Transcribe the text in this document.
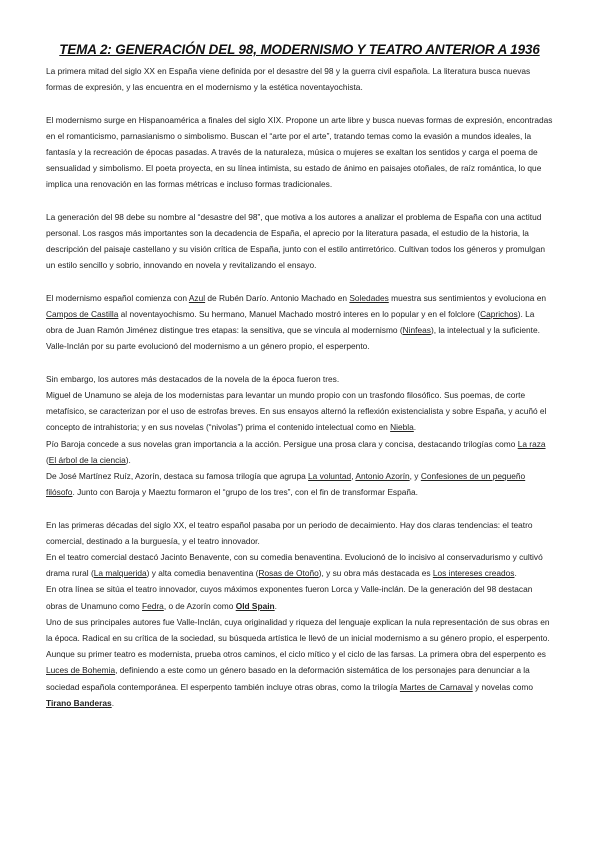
TEMA 2: GENERACIÓN DEL 98, MODERNISMO Y TEATRO ANTERIOR A 1936

La primera mitad del siglo XX en España viene definida por el desastre del 98 y la guerra civil española. La literatura busca nuevas formas de expresión, y las encuentra en el modernismo y la estética noventayochista.

El modernismo surge en Hispanoamérica a finales del siglo XIX. Propone un arte libre y busca nuevas formas de expresión, encontradas en el romanticismo, parnasianismo o simbolismo. Buscan el “arte por el arte”, tratando temas como la evasión a mundos ideales, la fantasía y la recreación de épocas pasadas. A través de la naturaleza, música o mujeres se exaltan los sentidos y carga el poema de sensualidad y simbolismo. El poeta proyecta, en su línea intimista, su estado de ánimo en paisajes otoñales, de raíz romántica, lo que implica una renovación en las formas métricas e incluso formas tradicionales.

La generación del 98 debe su nombre al “desastre del 98”, que motiva a los autores a analizar el problema de España con una actitud personal. Los rasgos más importantes son la decadencia de España, el aprecio por la literatura pasada, el estudio de la historia, la descripción del paisaje castellano y su visión crítica de España, junto con el estilo antirretórico. Cultivan todos los géneros y promulgan un estilo sencillo y sobrio, innovando en novela y revitalizando el ensayo.

El modernismo español comienza con Azul de Rubén Darío. Antonio Machado en Soledades muestra sus sentimientos y evoluciona en Campos de Castilla al noventayochismo. Su hermano, Manuel Machado mostró interes en lo popular y en el folclore (Caprichos). La obra de Juan Ramón Jiménez distingue tres etapas: la sensitiva, que se vincula al modernismo (Ninfeas), la intelectual y la suficiente. Valle-Inclán por su parte evolucionó del modernismo a un género propio, el esperpento.

Sin embargo, los autores más destacados de la novela de la época fueron tres.

Miguel de Unamuno se aleja de los modernistas para levantar un mundo propio con un trasfondo filosófico. Sus poemas, de corte metafísico, se caracterizan por el uso de estrofas breves. En sus ensayos alternó la reflexión existencialista y sobre España, y acuñó el concepto de intrahistoria; y en sus novelas (“nivolas”) prima el contenido intelectual como en Niebla.

Pío Baroja concede a sus novelas gran importancia a la acción. Persigue una prosa clara y concisa, destacando trilogías como La raza (El árbol de la ciencia).

De José Martínez Ruíz, Azorín, destaca su famosa trilogía que agrupa La voluntad, Antonio Azorín, y Confesiones de un pequeño filósofo. Junto con Baroja y Maeztu formaron el “grupo de los tres”, con el fin de transformar España.

En las primeras décadas del siglo XX, el teatro español pasaba por un periodo de decaimiento. Hay dos claras tendencias: el teatro comercial, destinado a la burguesía, y el teatro innovador.

En el teatro comercial destacó Jacinto Benavente, con su comedia benaventina. Evolucionó de lo incisivo al conservadurismo y cultivó drama rural (La malquerida) y alta comedia benaventina (Rosas de Otoño), y su obra más destacada es Los intereses creados.

En otra línea se sitúa el teatro innovador, cuyos máximos exponentes fueron Lorca y Valle-inclán. De la generación del 98 destacan obras de Unamuno como Fedra, o de Azorín como Old Spain.

Uno de sus principales autores fue Valle-Inclán, cuya originalidad y riqueza del lenguaje explican la nula representación de sus obras en la época. Radical en su crítica de la sociedad, su búsqueda artística le llevó de un inicial modernismo a su género propio, el esperpento. Aunque su primer teatro es modernista, prueba otros caminos, el ciclo mítico y el ciclo de las farsas. La primera obra del esperpento es Luces de Bohemia, definiendo a este como un género basado en la deformación sistemática de los personajes para denunciar a la sociedad española contemporánea. El esperpento también incluye otras obras, como la trilogía Martes de Carnaval y novelas como Tirano Banderas.
